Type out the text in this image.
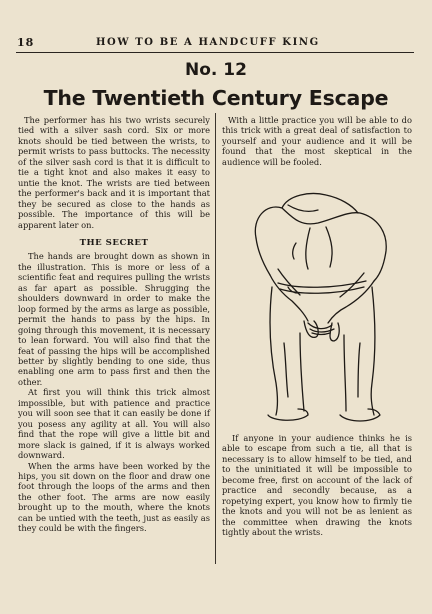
18	HOW TO BE A HANDCUFF KING
No. 12
The Twentieth Century Escape

The performer has his two wrists securely tied with a silver sash cord. Six or more knots should be tied between the wrists, to permit wrists to pass buttocks. The necessity of the silver sash cord is that it is difficult to tie a tight knot and also makes it easy to untie the knot. The wrists are tied between the performer's back and it is important that they be secured as close to the hands as possible. The importance of this will be apparent later on.

THE SECRET

The hands are brought down as shown in the illustration. This is more or less of a scientific feat and requires pulling the wrists as far apart as possible. Shrugging the shoulders downward in order to make the loop formed by the arms as large as possible, permit the hands to pass by the hips. In going through this movement, it is necessary to lean forward. You will also find that the feat of passing the hips will be accomplished better by slightly bending to one side, thus enabling one arm to pass first and then the other.

At first you will think this trick almost impossible, but with patience and practice you will soon see that it can easily be done if you posess any agility at all. You will also find that the rope will give a little bit and more slack is gained, if it is always worked downward.

When the arms have been worked by the hips, you sit down on the floor and draw one foot through the loops of the arms and then the other foot. The arms are now easily brought up to the mouth, where the knots can be untied with the teeth, just as easily as they could be with the fingers.

With a little practice you will be able to do this trick with a great deal of satisfaction to yourself and your audience and it will be found that the most skeptical in the audience will be fooled.

If anyone in your audience thinks he is able to escape from such a tie, all that is necessary is to allow himself to be tied, and to the uninitiated it will be impossible to become free, first on account of the lack of practice and secondly because, as a ropetying expert, you know how to firmly tie the knots and you will not be as lenient as the committee when drawing the knots tightly about the wrists.
